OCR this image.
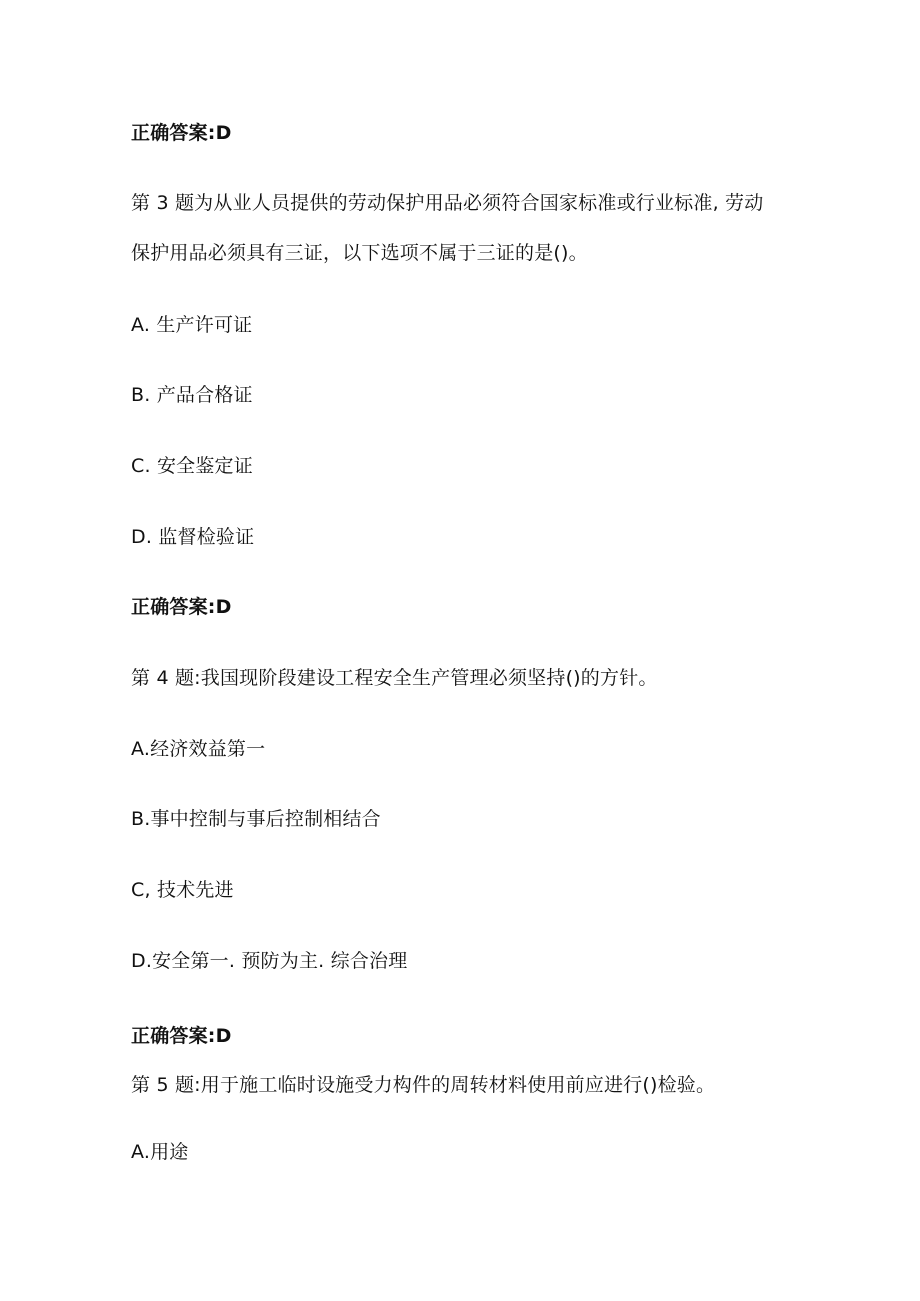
正确答案:D
第 3 题为从业人员提供的劳动保护用品必须符合国家标准或行业标准, 劳动
保护用品必须具有三证，以下选项不属于三证的是()。
A. 生产许可证
B. 产品合格证
C. 安全鉴定证
D. 监督检验证
正确答案:D
第 4 题:我国现阶段建设工程安全生产管理必须坚持()的方针。
A.经济效益第一
B.事中控制与事后控制相结合
C, 技术先进
D.安全第一. 预防为主. 综合治理
正确答案:D
第 5 题:用于施工临时设施受力构件的周转材料使用前应进行()检验。
A.用途
